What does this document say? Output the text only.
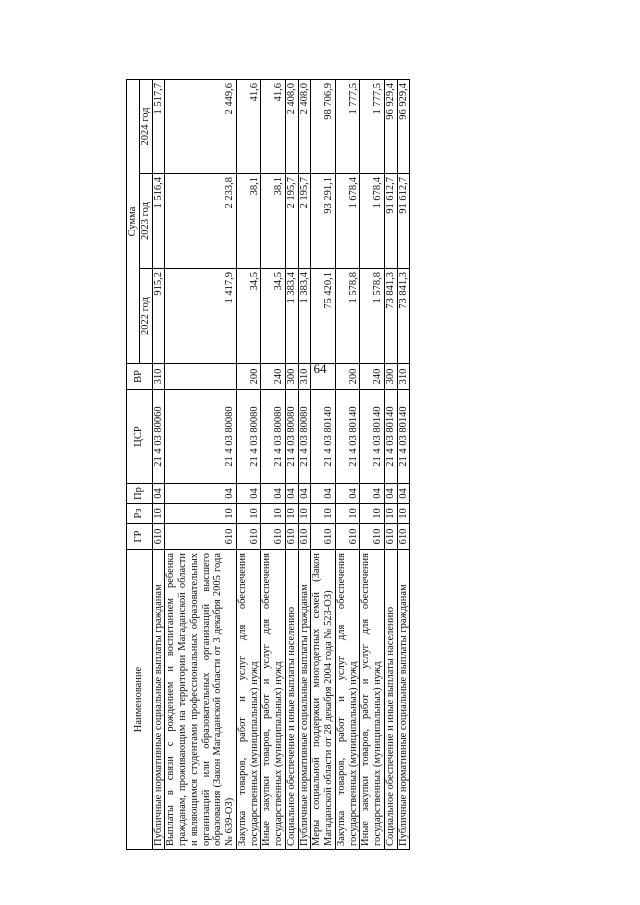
64
Наименование	ГР	Рз	Пр	ЦСР	ВР	Сумма		
						2022 год	2023 год	2024 год
Публичные нормативные социальные выплаты гражданам	610	10	04	21 4 03 80060	310	915,2	1 516,4	1 517,7
Выплаты в связи с рождением и воспитанием ребенка гражданам, проживающим на территории Магаданской области и являющимся студентами профессиональных образовательных организаций или образовательных организаций высшего образования (Закон Магаданской области от 3 декабря 2005 года № 639-ОЗ)	610	10	04	21 4 03 80080		1 417,9	2 233,8	2 449,6
Закупка товаров, работ и услуг для обеспечения государственных (муниципальных) нужд	610	10	04	21 4 03 80080	200	34,5	38,1	41,6
Иные закупки товаров, работ и услуг для обеспечения государственных (муниципальных) нужд	610	10	04	21 4 03 80080	240	34,5	38,1	41,6
Социальное обеспечение и иные выплаты населению	610	10	04	21 4 03 80080	300	1 383,4	2 195,7	2 408,0
Публичные нормативные социальные выплаты гражданам	610	10	04	21 4 03 80080	310	1 383,4	2 195,7	2 408,0
Меры социальной поддержки многодетных семей (Закон Магаданской области от 28 декабря 2004 года № 523-ОЗ)	610	10	04	21 4 03 80140		75 420,1	93 291,1	98 706,9
Закупка товаров, работ и услуг для обеспечения государственных (муниципальных) нужд	610	10	04	21 4 03 80140	200	1 578,8	1 678,4	1 777,5
Иные закупки товаров, работ и услуг для обеспечения государственных (муниципальных) нужд	610	10	04	21 4 03 80140	240	1 578,8	1 678,4	1 777,5
Социальное обеспечение и иные выплаты населению	610	10	04	21 4 03 80140	300	73 841,3	91 612,7	96 929,4
Публичные нормативные социальные выплаты гражданам	610	10	04	21 4 03 80140	310	73 841,3	91 612,7	96 929,4
